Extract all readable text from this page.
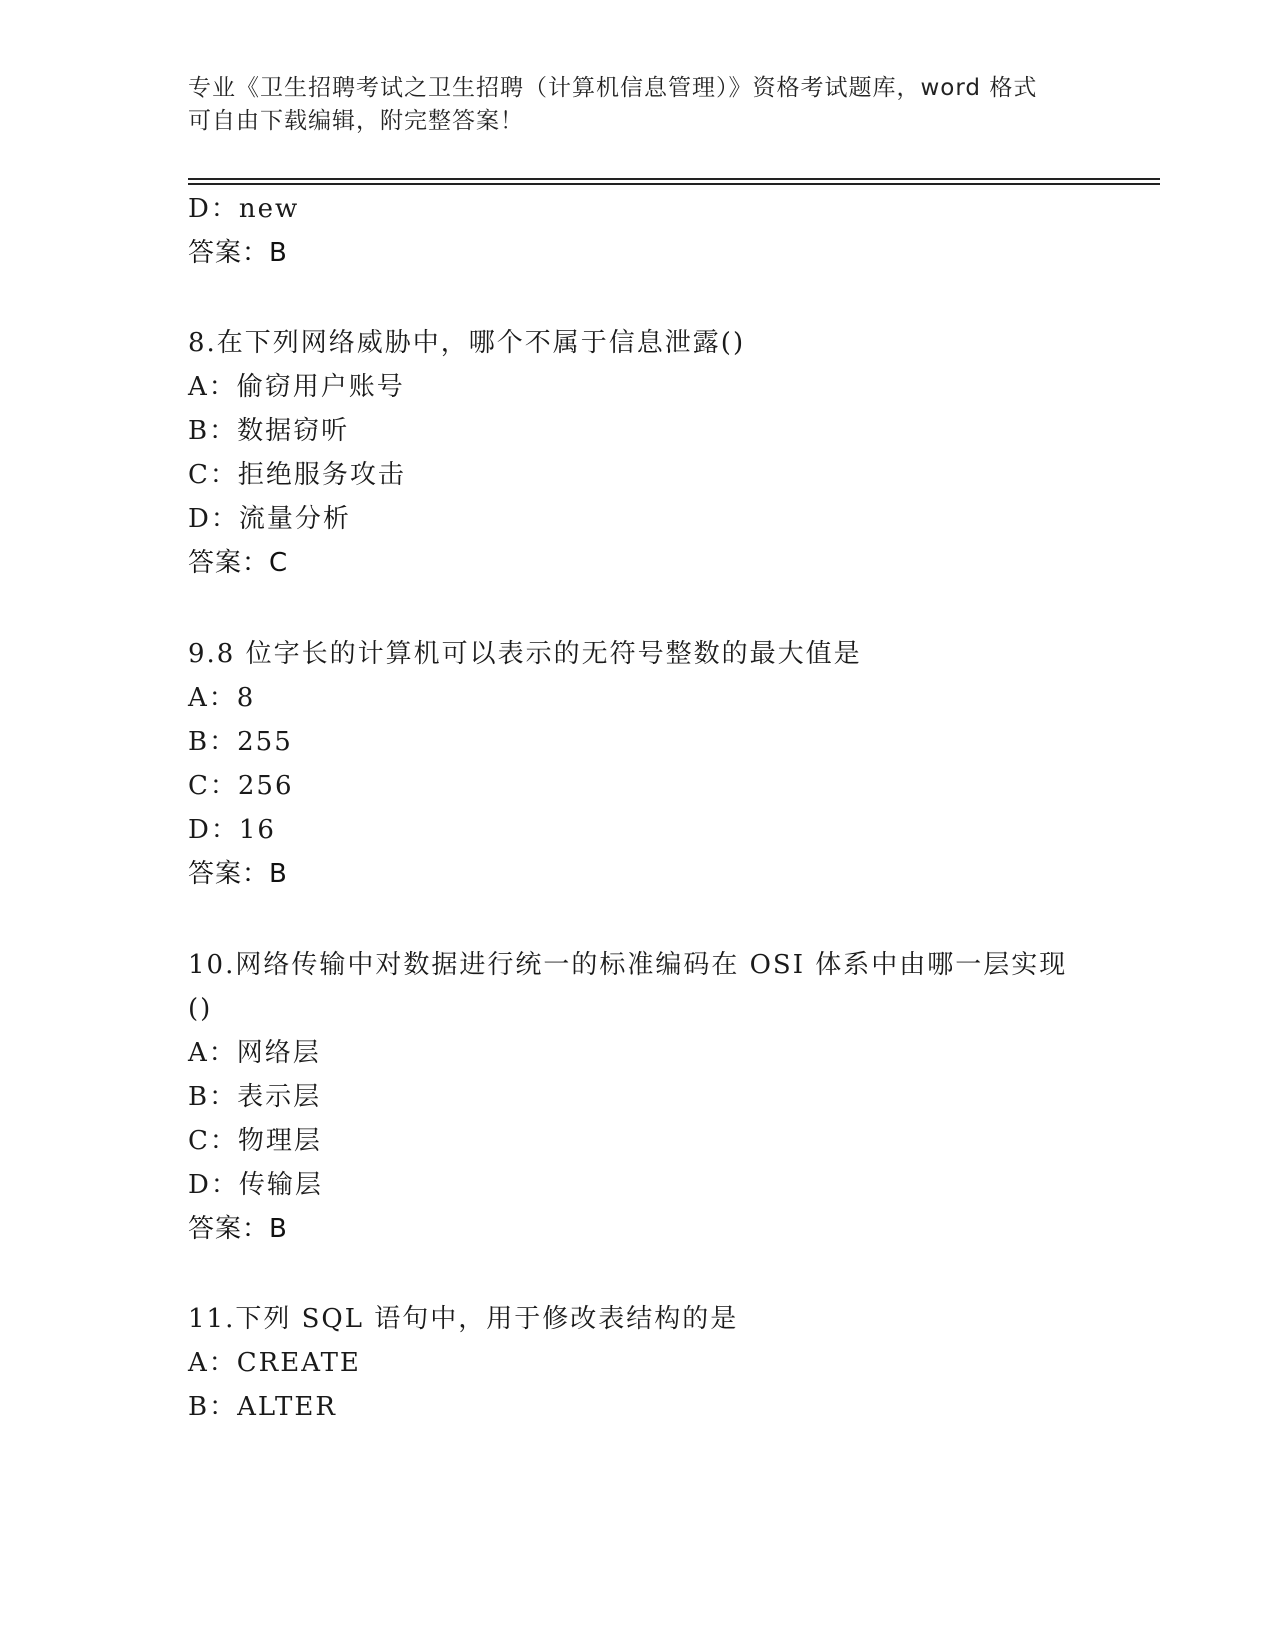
专业《卫生招聘考试之卫生招聘（计算机信息管理）》资格考试题库，word 格式
可自由下载编辑，附完整答案！
D：new
答案：B
8.在下列网络威胁中，哪个不属于信息泄露()
A：偷窃用户账号
B：数据窃听
C：拒绝服务攻击
D：流量分析
答案：C
9.8 位字长的计算机可以表示的无符号整数的最大值是
A：8
B：255
C：256
D：16
答案：B
10.网络传输中对数据进行统一的标准编码在 OSI 体系中由哪一层实现
()
A：网络层
B：表示层
C：物理层
D：传输层
答案：B
11.下列 SQL 语句中，用于修改表结构的是
A：CREATE
B：ALTER
